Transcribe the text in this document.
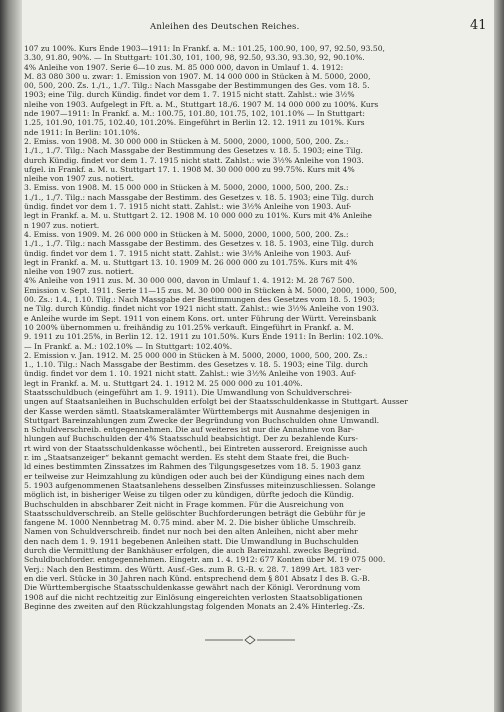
Anleihen des Deutschen Reiches.	41
107 zu 100%. Kurs Ende 1903—1911: In Frankf. a. M.: 101.25, 100.90, 100, 97, 92.50, 93.50,
3.30, 91.80, 90%. — In Stuttgart: 101.30, 101, 100, 98, 92.50, 93.30, 93.30, 92, 90.10%.
4% Anleihe von 1907. Serie 6—10 zus. M. 85 000 000, davon in Umlauf 1. 4. 1912:
M. 83 080 300 u. zwar: 1. Emission von 1907. M. 14 000 000 in Stücken à M. 5000, 2000,
00, 500, 200. Zs. 1./1., 1./7. Tilg.: Nach Massgabe der Bestimmungen des Ges. vom 18. 5.
1903; eine Tilg. durch Kündig. findet vor dem 1. 7. 1915 nicht statt. Zahlst.: wie 3½%
nleihe von 1903. Aufgelegt in Fft. a. M., Stuttgart 18./6. 1907 M. 14 000 000 zu 100%. Kurs
nde 1907—1911: In Frankf. a. M.: 100.75, 101.80, 101.75, 102, 101.10% — In Stuttgart:
1.25, 101.90, 101.75, 102.40, 101.20%. Eingeführt in Berlin 12. 12. 1911 zu 101%. Kurs
nde 1911: In Berlin: 101.10%.
2. Emiss. von 1908. M. 30 000 000 in Stücken à M. 5000, 2000, 1000, 500, 200. Zs.:
1./1., 1./7. Tilg.: Nach Massgabe der Bestimmung des Gesetzes v. 18. 5. 1903; eine Tilg.
durch Kündig. findet vor dem 1. 7. 1915 nicht statt. Zahlst.: wie 3½% Anleihe von 1903.
ufgel. in Frankf. a. M. u. Stuttgart 17. 1. 1908 M. 30 000 000 zu 99.75%. Kurs mit 4%
nleihe von 1907 zus. notiert.
3. Emiss. von 1908. M. 15 000 000 in Stücken à M. 5000, 2000, 1000, 500, 200. Zs.:
1./1., 1./7. Tilg.: nach Massgabe der Bestimm. des Gesetzes v. 18. 5. 1903; eine Tilg. durch
ündig. findet vor dem 1. 7. 1915 nicht statt. Zahlst.: wie 3½% Anleihe von 1903. Auf-
legt in Frankf. a. M. u. Stuttgart 2. 12. 1908 M. 10 000 000 zu 101%. Kurs mit 4% Anleihe
n 1907 zus. notiert.
4. Emiss. von 1909. M. 26 000 000 in Stücken à M. 5000, 2000, 1000, 500, 200. Zs.:
1./1., 1./7. Tilg.: nach Massgabe der Bestimm. des Gesetzes v. 18. 5. 1903, eine Tilg. durch
ündig. findet vor dem 1. 7. 1915 nicht statt. Zahlst.: wie 3½% Anleihe von 1903. Auf-
legt in Frankf. a. M. u. Stuttgart 13. 10. 1909 M. 26 000 000 zu 101.75%. Kurs mit 4%
nleihe von 1907 zus. notiert.
4% Anleihe von 1911 zus. M. 30 000 000, davon in Umlauf 1. 4. 1912: M. 28 767 500.
Emission v. Sept. 1911. Serie 11—15 zus. M. 30 000 000 in Stücken à M. 5000, 2000, 1000, 500,
00. Zs.: 1.4., 1.10. Tilg.: Nach Massgabe der Bestimmungen des Gesetzes vom 18. 5. 1903;
ne Tilg. durch Kündig. findet nicht vor 1921 nicht statt. Zahlst.: wie 3½% Anleihe von 1903.
e Anleihe wurde im Sept. 1911 von einem Kons. ort. unter Führung der Württ. Vereinsbank
10 200% übernommen u. freihändig zu 101.25% verkauft. Eingeführt in Frankf. a. M.
9. 1911 zu 101.25%, in Berlin 12. 12. 1911 zu 101.50%. Kurs Ende 1911: In Berlin: 102.10%.
— In Frankf. a. M.: 102.10% — In Stuttgart: 102.40%.
2. Emission v. Jan. 1912. M. 25 000 000 in Stücken à M. 5000, 2000, 1000, 500, 200. Zs.:
1., 1.10. Tilg.: Nach Massgabe der Bestimm. des Gesetzes v. 18. 5. 1903; eine Tilg. durch
ündig. findet vor dem 1. 10. 1921 nicht statt. Zahlst.: wie 3½% Anleihe von 1903. Auf-
legt in Frankf. a. M. u. Stuttgart 24. 1. 1912 M. 25 000 000 zu 101.40%.
Staatsschuldbuch (eingeführt am 1. 9. 1911). Die Umwandlung von Schuldverschrei-
ungen auf Staatsanleihen in Buchschulden erfolgt bei der Staatsschuldenkasse in Stuttgart. Ausser
der Kasse werden sämtl. Staatskameralämter Württembergs mit Ausnahme desjenigen in
Stuttgart Bareinzahlungen zum Zwecke der Begründung von Buchschulden ohne Umwandl.
n Schuldverschreib. entgegennehmen. Die auf weiteres ist nur die Annahme von Bar-
hlungen auf Buchschulden der 4% Staatsschuld beabsichtigt. Der zu bezahlende Kurs-
rt wird von der Staatsschuldenkasse wöchentl., bei Eintreten ausserord. Ereignisse auch
r. im „Staatsanzeiger“ bekannt gemacht werden. Es steht dem Staate frei, die Buch-
ld eines bestimmten Zinssatzes im Rahmen des Tilgungsgesetzes vom 18. 5. 1903 ganz
er teilweise zur Heimzahlung zu kündigen oder auch bei der Kündigung eines nach dem
5. 1903 aufgenommenen Staatsanlehens desselben Zinsfusses miteinzuschliessen. Solange
möglich ist, in bisheriger Weise zu tilgen oder zu kündigen, dürfte jedoch die Kündig.
Buchschulden in abschbarer Zeit nicht in Frage kommen. Für die Ausreichung von
Staatsschuldverschreib. an Stelle gelöschter Buchforderungen beträgt die Gebühr für je
fangene M. 1000 Nennbetrag M. 0.75 mind. aber M. 2. Die bisher übliche Umschreib.
Namen von Schuldverschreib. findet nur noch bei den alten Anleihen, nicht aber mehr
den nach dem 1. 9. 1911 begebenen Anleihen statt. Die Umwandlung in Buchschulden
durch die Vermittlung der Bankhäuser erfolgen, die auch Bareinzahl. zwecks Begründ.
Schuldbuchforder. entgegennehmen. Eingetr. am 1. 4. 1912: 677 Konten über M. 19 075 000.
Verj.: Nach den Bestimm. des Württ. Ausf.-Ges. zum B. G.-B. v. 28. 7. 1899 Art. 183 ver-
en die verl. Stücke in 30 Jahren nach Künd. entsprechend dem § 801 Absatz I des B. G.-B.
Die Württembergische Staatsschuldenkasse gewährt nach der Königl. Verordnung vom
1908 auf die nicht rechtzeitig zur Einlösung eingereichten verlosten Staatsobligationen
Beginne des zweiten auf den Rückzahlungstag folgenden Monats an 2.4% Hinterleg.-Zs.
